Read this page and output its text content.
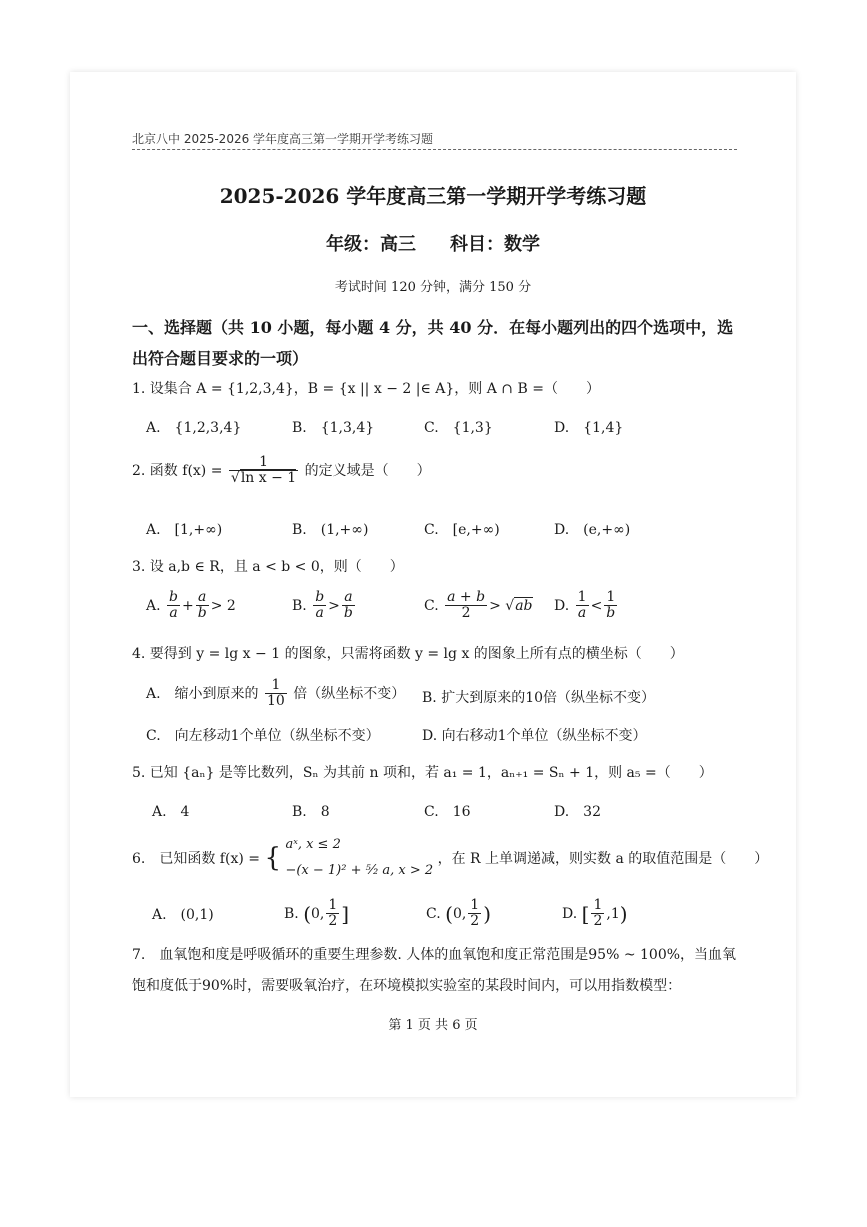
北京八中 2025-2026 学年度高三第一学期开学考练习题
2025-2026 学年度高三第一学期开学考练习题
年级：高三 科目：数学
考试时间 120 分钟，满分 150 分
一、选择题（共 10 小题，每小题 4 分，共 40 分．在每小题列出的四个选项中，选出符合题目要求的一项）
1. 设集合 A = {1,2,3,4}，B = {x || x − 2 |∈ A}，则 A ∩ B =（　　）
A.　{1,2,3,4}	B.　{1,3,4}	C.　{1,3}	D.　{1,4}
2. 函数 $f(x) = \frac{1}{\text{√ln x − 1}}$ 的定义域是（　　）
A.　[1,+∞)	B.　(1,+∞)	C.　[e,+∞)	D.　(e,+∞)
3. 设 a,b ∈ R，且 a < b < 0，则（　　）
A. $\frac{b}{a} + \frac{a}{b} > 2$	B. $\frac{b}{a} > \frac{a}{b}$	C. $\frac{a + b}{2} > √ab$ D. $\frac{1}{a} < \frac{1}{b}$
4. 要得到 y = lg x − 1 的图象，只需将函数 y = lg x 的图象上所有点的横坐标（　　）
A.　缩小到原来的 $\frac{1}{10}$ 倍（纵坐标不变） B. 扩大到原来的10倍（纵坐标不变）
C.　向左移动1个单位（纵坐标不变）	D. 向右移动1个单位（纵坐标不变）
5. 已知 {aₙ} 是等比数列，Sₙ 为其前 n 项和，若 a₁ = 1，aₙ₊₁ = Sₙ + 1，则 a₅ =（　　）
A.　4	B.　8	C.　16	D.　32
6.　已知函数 f(x) = { aˣ, x ≤ 2
−(x − 1)² + ⁵⁄₂ a, x > 2
，在 R 上单调递减，则实数 a 的取值范围是（　　）
A.　(0,1)	B. (0, $\frac{1}{2}$ ]	C. (0, $\frac{1}{2}$ )	D. [ $\frac{1}{2} ,1$)
7.　血氧饱和度是呼吸循环的重要生理参数. 人体的血氧饱和度正常范围是95% ~ 100%，当血氧
饱和度低于90%时，需要吸氧治疗，在环境模拟实验室的某段时间内，可以用指数模型：
第 1 页 共 6 页
